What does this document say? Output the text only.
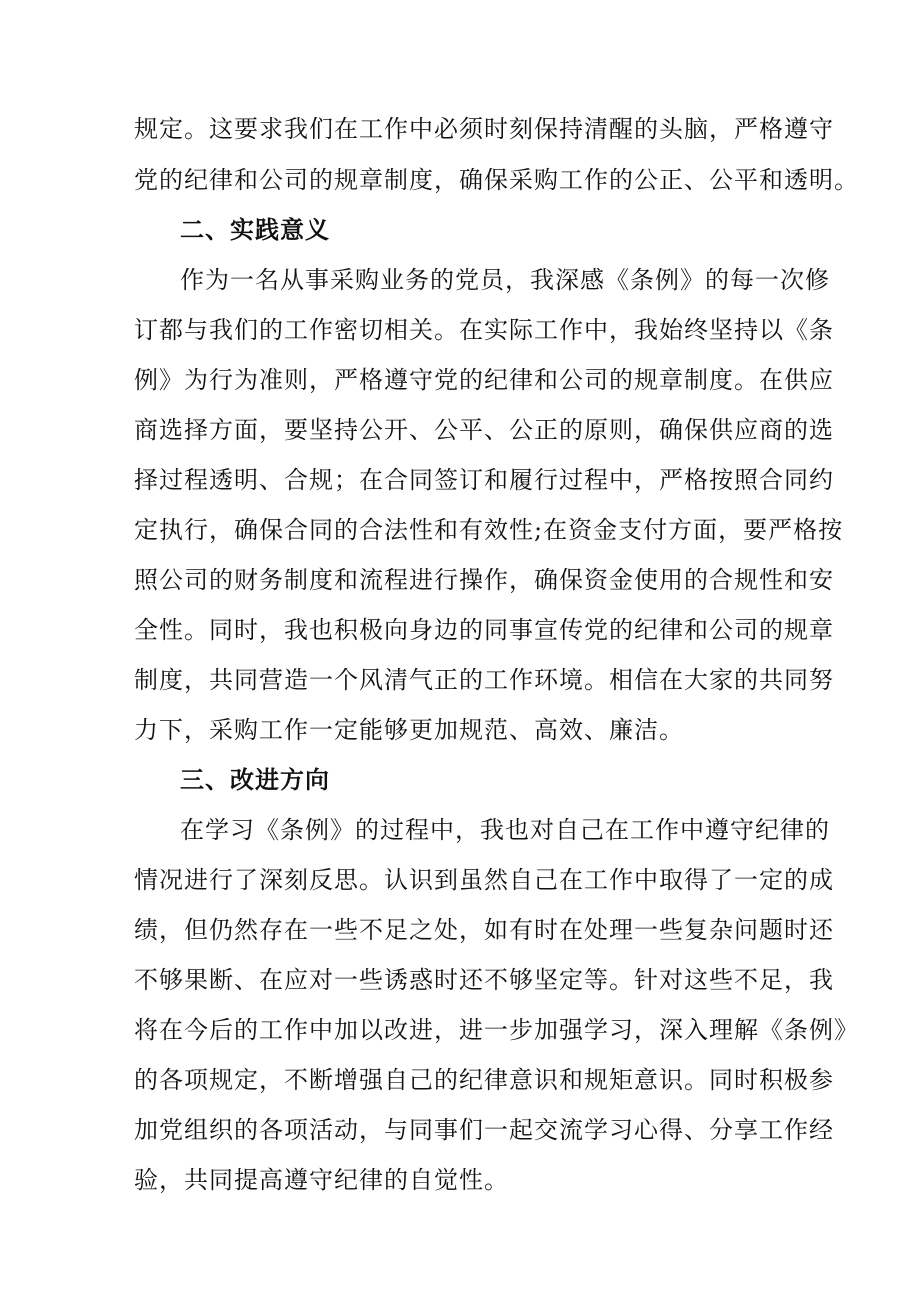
规定。这要求我们在工作中必须时刻保持清醒的头脑，严格遵守
党的纪律和公司的规章制度，确保采购工作的公正、公平和透明。
二、实践意义
作为一名从事采购业务的党员，我深感《条例》的每一次修
订都与我们的工作密切相关。在实际工作中，我始终坚持以《条
例》为行为准则，严格遵守党的纪律和公司的规章制度。在供应
商选择方面，要坚持公开、公平、公正的原则，确保供应商的选
择过程透明、合规；在合同签订和履行过程中，严格按照合同约
定执行，确保合同的合法性和有效性;在资金支付方面，要严格按
照公司的财务制度和流程进行操作，确保资金使用的合规性和安
全性。同时，我也积极向身边的同事宣传党的纪律和公司的规章
制度，共同营造一个风清气正的工作环境。相信在大家的共同努
力下，采购工作一定能够更加规范、高效、廉洁。
三、改进方向
在学习《条例》的过程中，我也对自己在工作中遵守纪律的
情况进行了深刻反思。认识到虽然自己在工作中取得了一定的成
绩，但仍然存在一些不足之处，如有时在处理一些复杂问题时还
不够果断、在应对一些诱惑时还不够坚定等。针对这些不足，我
将在今后的工作中加以改进，进一步加强学习，深入理解《条例》
的各项规定，不断增强自己的纪律意识和规矩意识。同时积极参
加党组织的各项活动，与同事们一起交流学习心得、分享工作经
验，共同提高遵守纪律的自觉性。
